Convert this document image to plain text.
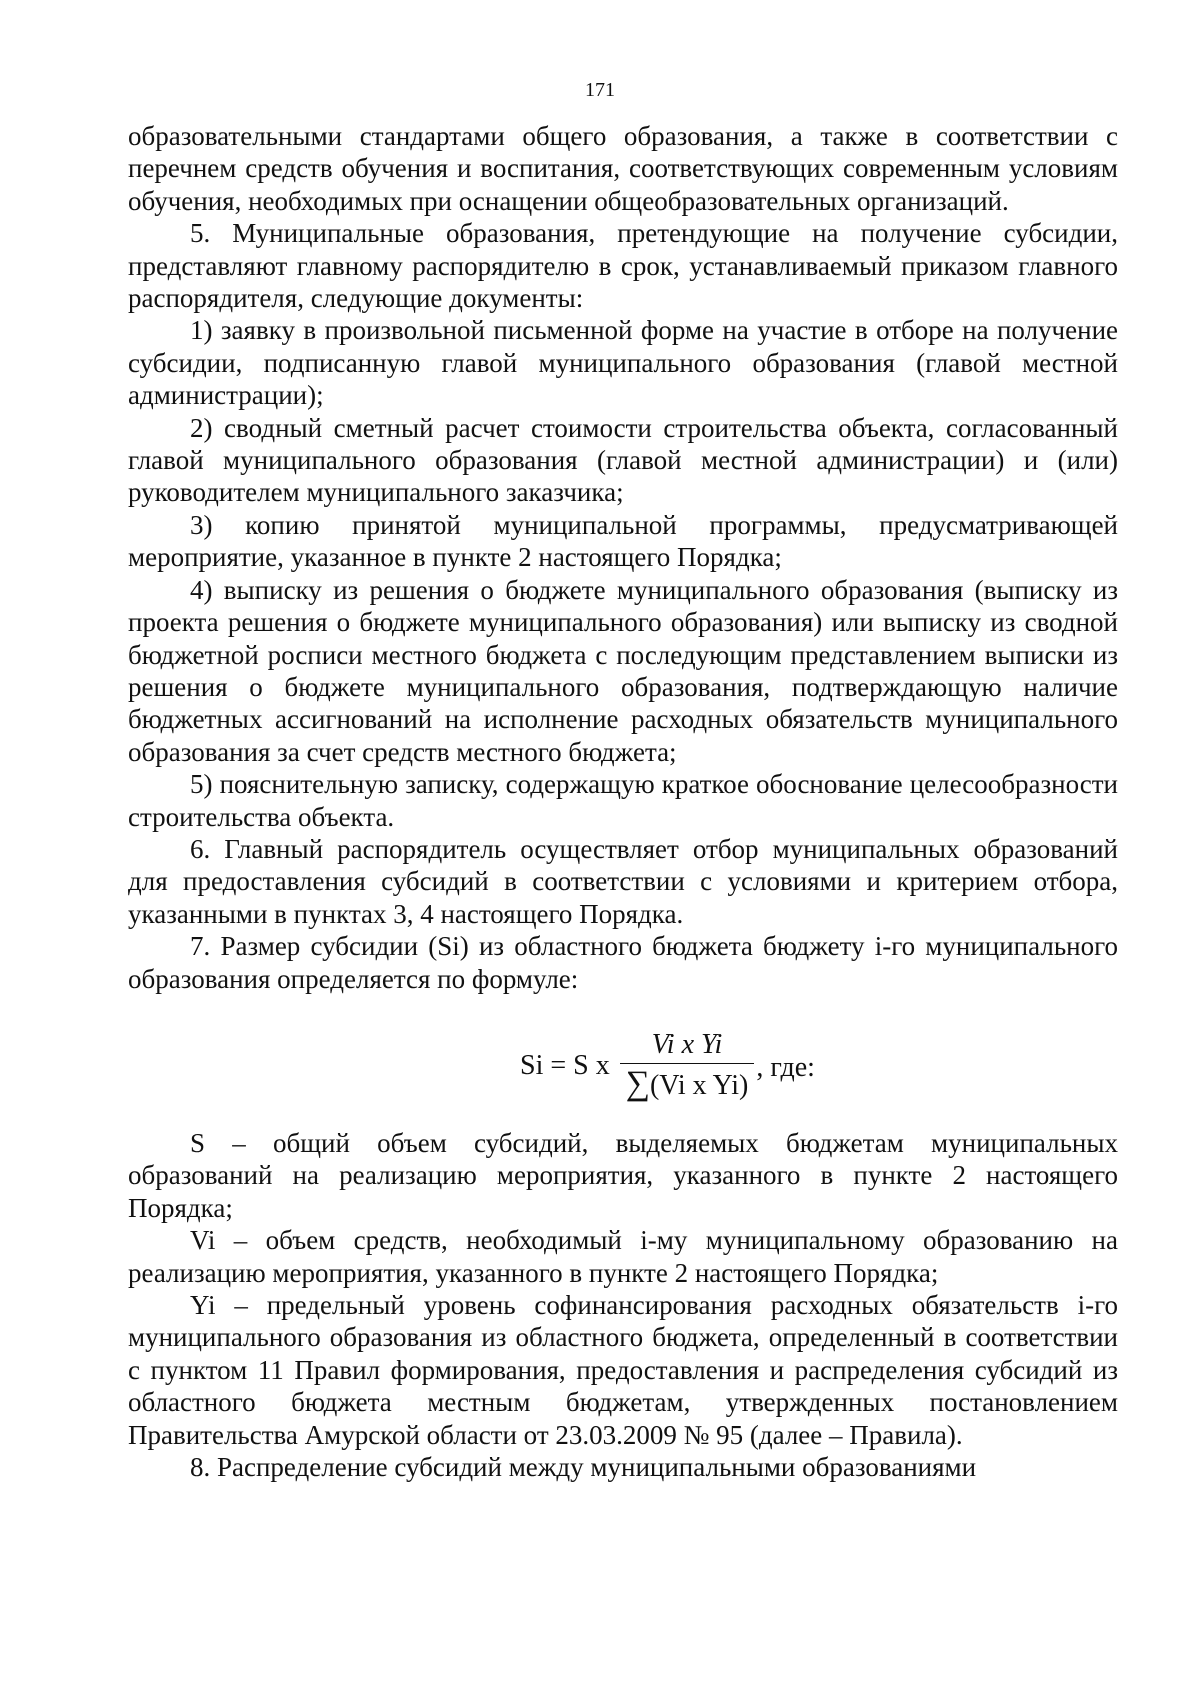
171

образовательными стандартами общего образования, а также в соответствии с перечнем средств обучения и воспитания, соответствующих современным условиям обучения, необходимых при оснащении общеобразовательных организаций.

5. Муниципальные образования, претендующие на получение субсидии, представляют главному распорядителю в срок, устанавливаемый приказом главного распорядителя, следующие документы:

1) заявку в произвольной письменной форме на участие в отборе на получение субсидии, подписанную главой муниципального образования (главой местной администрации);

2) сводный сметный расчет стоимости строительства объекта, согласованный главой муниципального образования (главой местной администрации) и (или) руководителем муниципального заказчика;

3) копию принятой муниципальной программы, предусматривающей мероприятие, указанное в пункте 2 настоящего Порядка;

4) выписку из решения о бюджете муниципального образования (выписку из проекта решения о бюджете муниципального образования) или выписку из сводной бюджетной росписи местного бюджета с последующим представлением выписки из решения о бюджете муниципального образования, подтверждающую наличие бюджетных ассигнований на исполнение расходных обязательств муниципального образования за счет средств местного бюджета;

5) пояснительную записку, содержащую краткое обоснование целесообразности строительства объекта.

6. Главный распорядитель осуществляет отбор муниципальных образований для предоставления субсидий в соответствии с условиями и критерием отбора, указанными в пунктах 3, 4 настоящего Порядка.

7. Размер субсидии (Si) из областного бюджета бюджету i-го муниципального образования определяется по формуле:

Si = S x $\frac{\text{Vi x Yi}}{\text{∑(Vi x Yi)}}$ , где:

S – общий объем субсидий, выделяемых бюджетам муниципальных образований на реализацию мероприятия, указанного в пункте 2 настоящего Порядка;

Vi – объем средств, необходимый i-му муниципальному образованию на реализацию мероприятия, указанного в пункте 2 настоящего Порядка;

Yi – предельный уровень софинансирования расходных обязательств i-го муниципального образования из областного бюджета, определенный в соответствии с пунктом 11 Правил формирования, предоставления и распределения субсидий из областного бюджета местным бюджетам, утвержденных постановлением Правительства Амурской области от 23.03.2009 № 95 (далее – Правила).

8. Распределение субсидий между муниципальными образованиями
